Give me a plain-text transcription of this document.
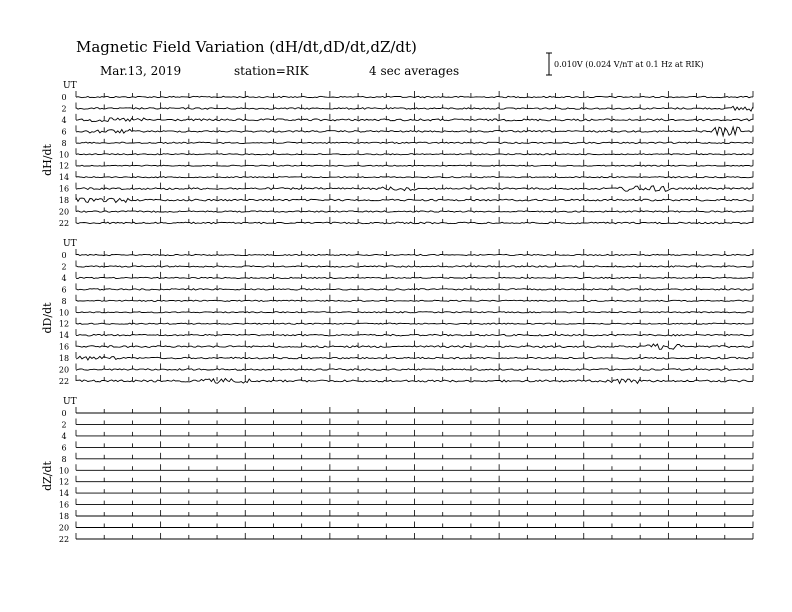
Magnetic Field Variation (dH/dt,dD/dt,dZ/dt)
Mar.13, 2019	station=RIK	4 sec averages	0.010V (0.024 V/nT at 0.1 Hz at RIK)
UT
dH/dt
0
2
4
6
8
10
12
14
16
18
20
22
UT
dD/dt
0
2
4
6
8
10
12
14
16
18
20
22
UT
dZ/dt
0
2
4
6
8
10
12
14
16
18
20
22
